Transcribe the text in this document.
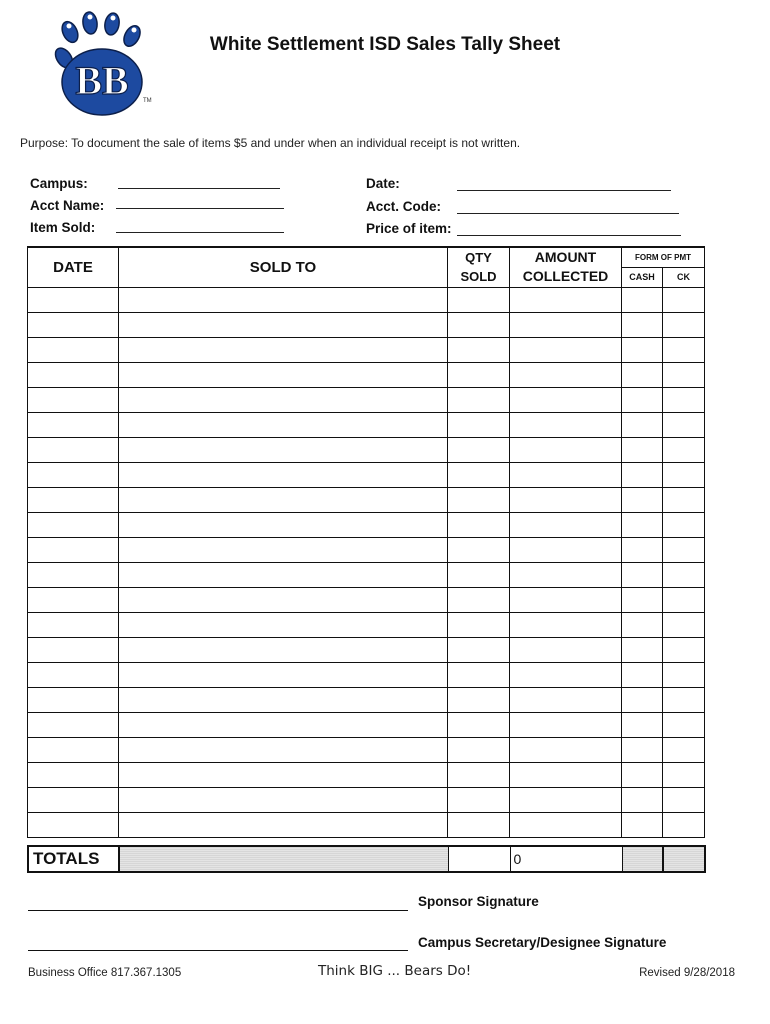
BB TM
White Settlement ISD Sales Tally Sheet
Purpose: To document the sale of items $5 and under when an individual receipt is not written.
Campus:
Acct Name:
Item Sold:
Date:
Acct. Code:
Price of item:
DATE	SOLD TO	QTY	AMOUNT	FORM OF PMT	
		SOLD	COLLECTED	CASH	CK

TOTALS			0		
Sponsor Signature
Campus Secretary/Designee Signature
Business Office 817.367.1305	Think BIG ... Bears Do!	Revised 9/28/2018
